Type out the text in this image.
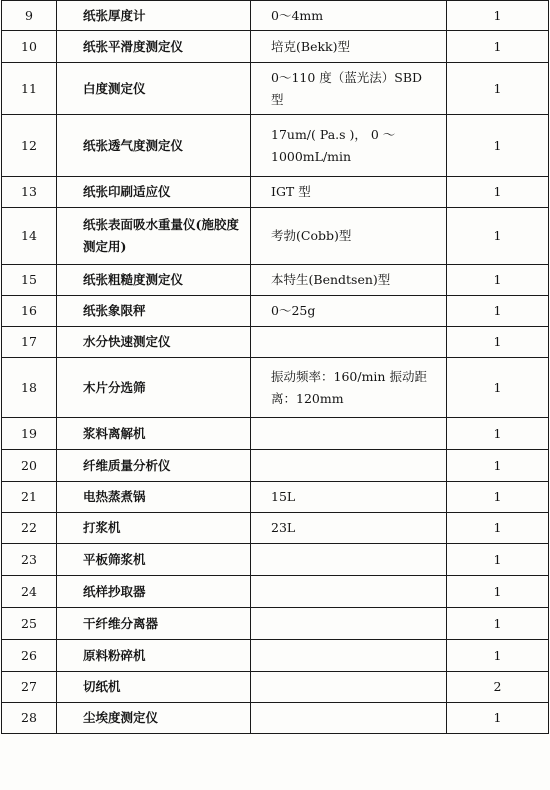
9	纸张厚度计	0～4mm	1
10	纸张平滑度测定仪	培克(Bekk)型	1
11	白度测定仪	0～110 度（蓝光法）SBD 型	1
12	纸张透气度测定仪	17um/( Pa.s )， 0 ～ 1000mL/min	1
13	纸张印刷适应仪	IGT 型	1
14	纸张表面吸水重量仪(施胶度测定用)	考勃(Cobb)型	1
15	纸张粗糙度测定仪	本特生(Bendtsen)型	1
16	纸张象限秤	0～25g	1
17	水分快速测定仪		1
18	木片分选筛	振动频率：160/min 振动距离：120mm	1
19	浆料离解机		1
20	纤维质量分析仪		1
21	电热蒸煮锅	15L	1
22	打浆机	23L	1
23	平板筛浆机		1
24	纸样抄取器		1
25	干纤维分离器		1
26	原料粉碎机		1
27	切纸机		2
28	尘埃度测定仪		1
